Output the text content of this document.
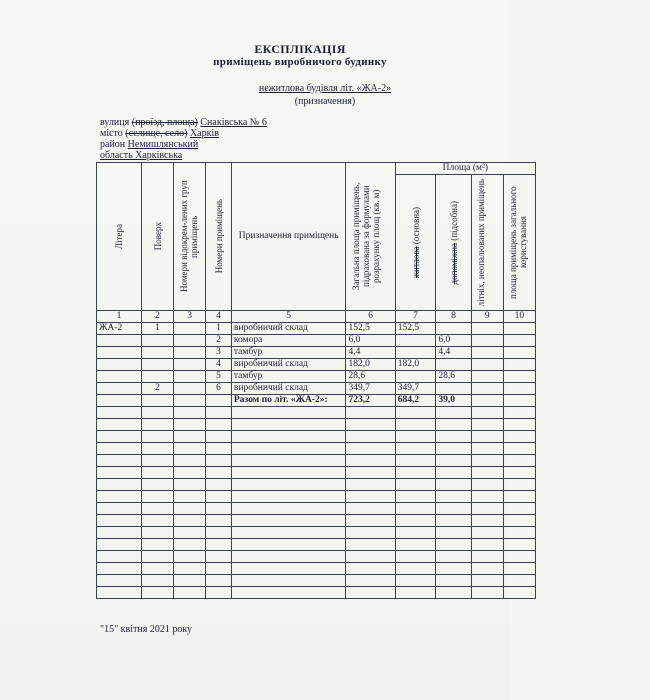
ЕКСПЛІКАЦІЯ
приміщень виробничого будинку
нежитлова будівля літ. «ЖА-2»
(призначення)
вулиця (проїзд, площа) Снаківська № 6
місто (селище, село) Харків
район Немишлянський
область Харківська
Літера	Поверх	Номери відокрем-лених груп приміщень	Номери приміщень	Призначення приміщень	Загальна площа приміщень, підрахована за формулами розрахунку площ (кв. м)	Площа (м²)			

						житлова (основна)	допоміжна (підсобна)	літніх, неопалюваних приміщень	площа приміщень загального користування

1	2	3	4	5	6	7	8	9	10
ЖА-2	1		1	виробничий склад	152,5	152,5			
			2	комора	6,0		6,0		
			3	тамбур	4,4		4,4		
			4	виробничий склад	182,0	182,0			
			5	тамбур	28,6		28,6		
	2		6	виробничий склад	349,7	349,7			
				Разом по літ. «ЖА-2»:	723,2	684,2	39,0		

"15" квітня 2021 року
